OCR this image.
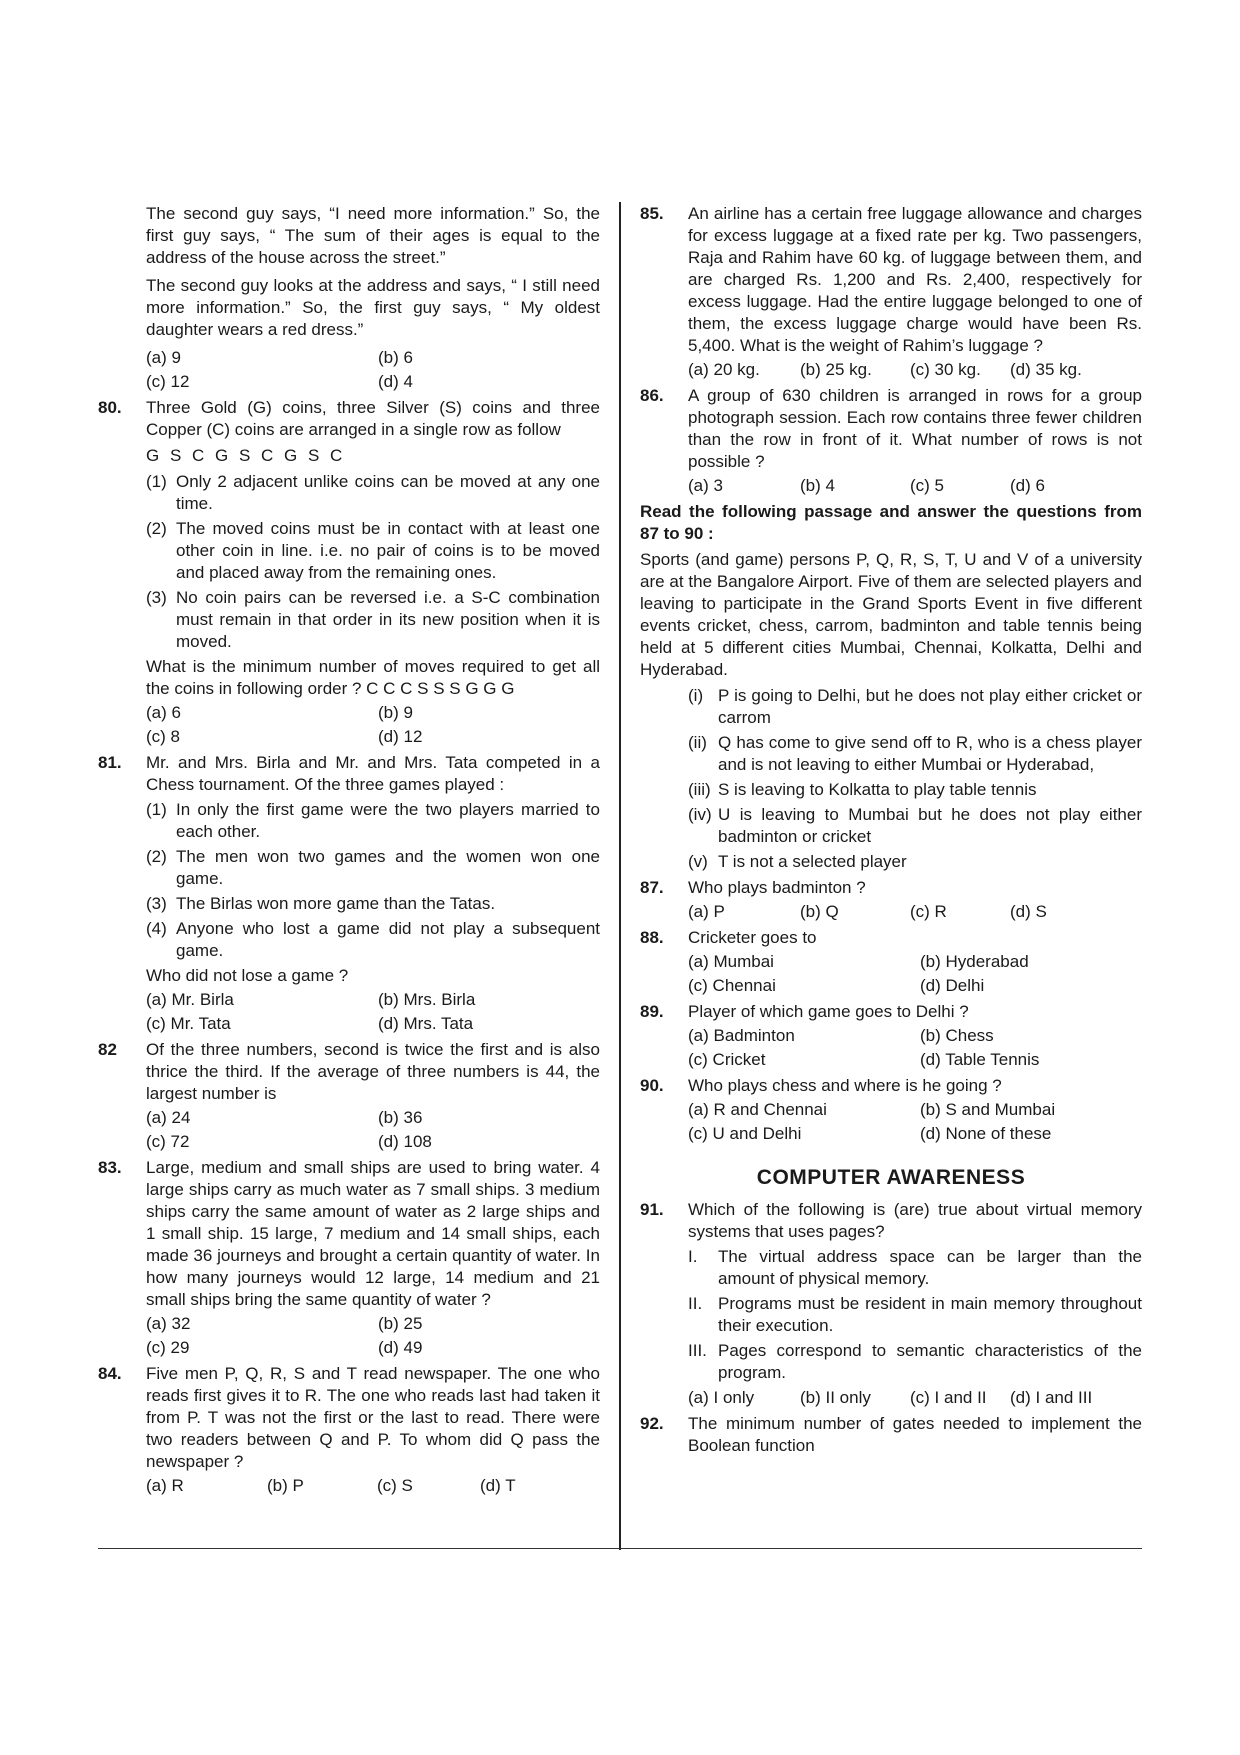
The second guy says, “I need more information.” So, the first guy says, “ The sum of their ages is equal to the address of the house across the street.”

The second guy looks at the address and says, “ I still need more information.” So, the first guy says, “ My oldest daughter wears a red dress.”

(a) 9	(b) 6
(c) 12	(d) 4
80. Three Gold (G) coins, three Silver (S) coins and three Copper (C) coins are arranged in a single row as follow

G S C G S C G S C
(1) Only 2 adjacent unlike coins can be moved at any one time.
(2) The moved coins must be in contact with at least one other coin in line. i.e. no pair of coins is to be moved and placed away from the remaining ones.
(3) No coin pairs can be reversed i.e. a S-C combination must remain in that order in its new position when it is moved.

What is the minimum number of moves required to get all the coins in following order ? C C C S S S G G G

(a) 6	(b) 9
(c) 8	(d) 12
81. Mr. and Mrs. Birla and Mr. and Mrs. Tata competed in a Chess tournament. Of the three games played :

(1) In only the first game were the two players married to each other.
(2) The men won two games and the women won one game.
(3) The Birlas won more game than the Tatas.
(4) Anyone who lost a game did not play a subsequent game.

Who did not lose a game ?

(a) Mr. Birla	(b) Mrs. Birla
(c) Mr. Tata	(d) Mrs. Tata
82 Of the three numbers, second is twice the first and is also thrice the third. If the average of three numbers is 44, the largest number is

(a) 24	(b) 36
(c) 72	(d) 108
83. Large, medium and small ships are used to bring water. 4 large ships carry as much water as 7 small ships. 3 medium ships carry the same amount of water as 2 large ships and 1 small ship. 15 large, 7 medium and 14 small ships, each made 36 journeys and brought a certain quantity of water. In how many journeys would 12 large, 14 medium and 21 small ships bring the same quantity of water ?

(a) 32	(b) 25
(c) 29	(d) 49
84. Five men P, Q, R, S and T read newspaper. The one who reads first gives it to R. The one who reads last had taken it from P. T was not the first or the last to read. There were two readers between Q and P. To whom did Q pass the newspaper ?

(a) R	(b) P	(c) S	(d) T
85. An airline has a certain free luggage allowance and charges for excess luggage at a fixed rate per kg. Two passengers, Raja and Rahim have 60 kg. of luggage between them, and are charged Rs. 1,200 and Rs. 2,400, respectively for excess luggage. Had the entire luggage belonged to one of them, the excess luggage charge would have been Rs. 5,400. What is the weight of Rahim’s luggage ?

(a) 20 kg.	(b) 25 kg.	(c) 30 kg.	(d) 35 kg.
86. A group of 630 children is arranged in rows for a group photograph session. Each row contains three fewer children than the row in front of it. What number of rows is not possible ?

(a) 3	(b) 4	(c) 5	(d) 6

Read the following passage and answer the questions from 87 to 90 :

Sports (and game) persons P, Q, R, S, T, U and V of a university are at the Bangalore Airport. Five of them are selected players and leaving to participate in the Grand Sports Event in five different events cricket, chess, carrom, badminton and table tennis being held at 5 different cities Mumbai, Chennai, Kolkatta, Delhi and Hyderabad.

(i) P is going to Delhi, but he does not play either cricket or carrom
(ii) Q has come to give send off to R, who is a chess player and is not leaving to either Mumbai or Hyderabad,
(iii) S is leaving to Kolkatta to play table tennis
(iv) U is leaving to Mumbai but he does not play either badminton or cricket
(v) T is not a selected player
87. Who plays badminton ?

(a) P	(b) Q	(c) R	(d) S
88. Cricketer goes to

(a) Mumbai	(b) Hyderabad
(c) Chennai	(d) Delhi
89. Player of which game goes to Delhi ?

(a) Badminton	(b) Chess
(c) Cricket	(d) Table Tennis
90. Who plays chess and where is he going ?

(a) R and Chennai	(b) S and Mumbai
(c) U and Delhi	(d) None of these
COMPUTER AWARENESS
91. Which of the following is (are) true about virtual memory systems that uses pages?

I. The virtual address space can be larger than the amount of physical memory.
II. Programs must be resident in main memory throughout their execution.
III. Pages correspond to semantic characteristics of the program.
(a) I only	(b) II only	(c) I and II	(d) I and III
92. The minimum number of gates needed to implement the Boolean function
